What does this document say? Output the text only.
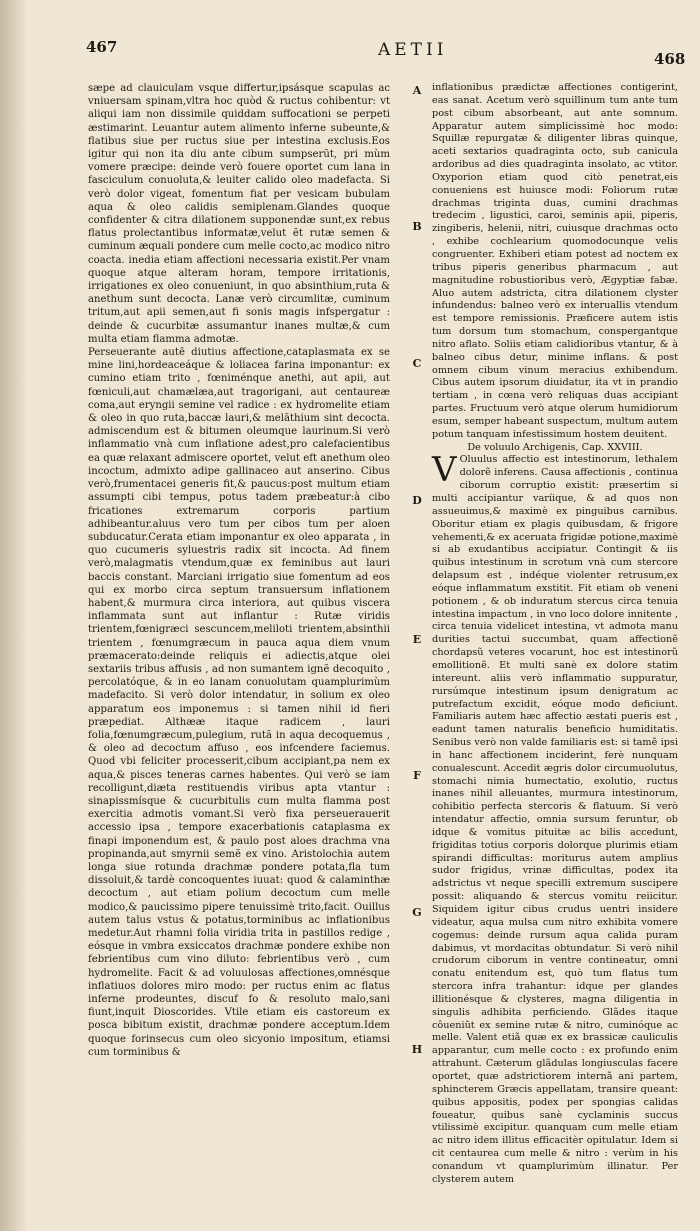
467	AETII	468

sæpe ad clauiculam vsque differtur,ipsásque scapulas ac vniuersam spinam,vltra hoc quòd & ructus cohibentur: vt aliqui iam non dissimile quiddam suffocationi se perpeti æstimarint. Leuantur autem alimento inferne subeunte,& flatibus siue per ructus siue per intestina exclusis.Eos igitur qui non ita diu ante cibum sumpserũt, pri mùm vomere præcipe: deinde verò fouere oportet cum lana in fasciculum conuoluta,& leuiter calido oleo madefacta. Si verò dolor vigeat, fomentum fiat per vesicam bubulam aqua & oleo calidis semiplenam.Glandes quoque confidenter & citra dilationem supponendæ sunt,ex rebus flatus prolectantibus informatæ,velut ẽt rutæ semen & cuminum æquali pondere cum melle cocto,ac modico nitro coacta. inedia etiam affectioni necessaria existit.Per vnam quoque atque alteram horam, tempore irritationis, irrigationes ex oleo conueniunt, in quo absinthium,ruta & anethum sunt decocta. Lanæ verò circumlitæ, cuminum tritum,aut apii semen,aut fi sonis magis infspergatur : deinde & cucurbitæ assumantur inanes multæ,& cum multa etiam flamma admotæ.

Perseuerante autē diutius affectione,cataplasmata ex se mine lini,hordeaceáque & loliacea farina imponantur: ex cumino etiam trito , fœniménque anethi, aut apii, aut fœniculi,aut chamælæa,aut tragorigani, aut centaureæ coma,aut eryngii semine vel radice : ex hydromelite etiam & oleo in quo ruta,baccæ lauri,& melãthium sint decocta. admiscendum est & bitumen oleumque laurinum.Si verò inflammatio vnà cum inflatione adest,pro calefacientibus ea quæ relaxant admiscere oportet, velut eft anethum oleo incoctum, admixto adipe gallinaceo aut anserino. Cibus verò,frumentacei generis fit,& paucus:post multum etiam assumpti cibi tempus, potus tadem præbeatur:à cibo fricationes extremarum corporis partium adhibeantur.aluus vero tum per cibos tum per aloen subducatur.Cerata etiam imponantur ex oleo apparata , in quo cucumeris syluestris radix sit incocta. Ad finem verò,malagmatis vtendum,quæ ex feminibus aut lauri baccis constant. Marciani irrigatio siue fomentum ad eos qui ex morbo circa septum transuersum inflationem habent,& murmura circa interiora, aut quibus viscera inflammata sunt aut inflantur : Rutæ viridis trientem,fœnigræci sescuncem,meliloti trientem,absinthii trientem , fœnumgræcum in pauca aqua diem vnum præmacerato:deinde reliquis ei adiectis,atque olei sextariis tribus affusis , ad non sumantem ignẽ decoquito , percolatóque, & in eo lanam conuolutam quamplurimùm madefacito. Si verò dolor intendatur, in solium ex oleo apparatum eos imponemus : si tamen nihil id fieri præpediat. Althææ itaque radicem , lauri folia,fœnumgræcum,pulegium, rutã in aqua decoquemus , & oleo ad decoctum affuso , eos infcendere faciemus. Quod vbi feliciter processerit,cibum accipiant,pa nem ex aqua,& pisces teneras carnes habentes. Qui verò se iam recolligunt,diæta restituendis viribus apta vtantur : sinapissmísque & cucurbitulis cum multa flamma post exercitia admotis vomant.Si verò fixa perseuerauerit accessio ipsa , tempore exacerbationis cataplasma ex finapi imponendum est, & paulo post aloes drachma vna propinanda,aut smyrnii semẽ ex vino. Aristolochia autem longa siue rotunda drachmæ pondere potata,fla tum dissoluit,& tardè concoquentes iuuat: quod & calaminthæ decoctum , aut etiam polium decoctum cum melle modico,& paucissimo pipere tenuissimè trito,facit. Ouillus autem talus vstus & potatus,torminibus ac inflationibus medetur.Aut rhamni folia viridia trita in pastillos redige , eósque in vmbra exsiccatos drachmæ pondere exhibe non febrientibus cum vino diluto: febrientibus verò , cum hydromelite. Facit & ad voluulosas affectiones,omnésque inflatiuos dolores miro modo: per ructus enim ac flatus inferne prodeuntes, discuf fo & resoluto malo,sani fiunt,inquit Dioscorides. Vtile etiam eis castoreum ex posca bibitum existit, drachmæ pondere acceptum.Idem quoque forinsecus cum oleo sicyonio impositum, etiamsi cum torminibus &

A
B
C
D
E
F
G
H

inflationibus prædictæ affectiones contigerint, eas sanat. Acetum verò squillinum tum ante tum post cibum absorbeant, aut ante somnum. Apparatur autem simplicissimè hoc modo: Squillæ repurgatæ & diligenter libras quinque, aceti sextarios quadraginta octo, sub canicula ardoribus ad dies quadraginta insolato, ac vtitor. Oxyporion etiam quod citò penetrat,eis conueniens est huiusce modi: Foliorum rutæ drachmas triginta duas, cumini drachmas tredecim , ligustici, caroi, seminis apii, piperis, zingiberis, helenii, nitri, cuiusque drachmas octo , exhibe cochlearium quomodocunque velis congruenter. Exhiberi etiam potest ad noctem ex tribus piperis generibus pharmacum , aut magnitudine robustioribus verò, Ægyptiæ fabæ. Aluo autem adstricta, citra dilationem clyster infundendus: balneo verò ex interuallis vtendum est tempore remissionis. Præficere autem istis tum dorsum tum stomachum, conspergantque nitro aflato. Soliis etiam calidioribus vtantur, & à balneo cibus detur, minime inflans. & post omnem cibum vinum meracius exhibendum. Cibus autem ipsorum diuidatur, ita vt in prandio tertiam , in cœna verò reliquas duas accipiant partes. Fructuum verò atque olerum humidiorum esum, semper habeant suspectum, multum autem potum tanquam infestissimum hostem deuitent.

De voluulo Archigenis, Cap. XXVIII.

V Oluulus affectio est intestinorum, lethalem dolorẽ inferens. Causa affectionis , continua ciborum corruptio existit: præsertim si multi accipiantur varíique, & ad quos non assueuimus,& maximè ex pinguibus carnibus. Oboritur etiam ex plagis quibusdam, & frigore vehementi,& ex aceruata frigidæ potione,maximè si ab exudantibus accipiatur. Contingit & iis quibus intestinum in scrotum vnà cum stercore delapsum est , indéque violenter retrusum,ex eóque inflammatum exstitit. Fit etiam ob veneni potionem , & ob induratum stercus circa tenuia intestina impactum , in vno loco dolore innitente , circa tenuia videlicet intestina, vt admota manu durities tactui succumbat, quam affectionẽ chordapsũ veteres vocarunt, hoc est intestinorũ emollitionẽ. Et multi sanè ex dolore statim intereunt. aliis verò inflammatio suppuratur, rursúmque intestinum ipsum denigratum ac putrefactum excidit, eóque modo deficiunt. Familiaris autem hæc affectio æstati pueris est , eadunt tamen naturalis beneficio humiditatis. Senibus verò non valde familiaris est: si tamẽ ipsi in hanc affectionem inciderint, ferè nunquam conualescunt. Accedit ægris dolor circumuolutus, stomachi nimia humectatio, exolutio, ructus inanes nihil alleuantes, murmura intestinorum, cohibitio perfecta stercoris & flatuum. Si verò intendatur affectio, omnia sursum feruntur, ob idque & vomitus pituitæ ac bilis accedunt, frigiditas totius corporis dolorque plurimis etiam spirandi difficultas: moriturus autem amplius sudor frigidus, vrinæ difficultas, podex ita adstrictus vt neque specilli extremum suscipere possit: aliquando & stercus vomitu reiicitur. Siquidem igitur cibus crudus uentri insidere videatur, aqua mulsa cum nitro exhibita vomere cogemus: deinde rursum aqua calida puram dabimus, vt mordacitas obtundatur. Si verò nihil crudorum ciborum in ventre contineatur, omni conatu enitendum est, quò tum flatus tum stercora infra trahantur: idque per glandes illitionésque & clysteres, magna diligentia in singulis adhibita perficiendo. Glãdes itaque côueniũt ex semine rutæ & nitro, cuminóque ac melle. Valent etiã quæ ex ex brassicæ cauliculis apparantur, cum melle cocto : ex profundo enim attrahunt. Cæterum glãdulas longiusculas facere oportet, quæ adstrictiorem internã ani partem, sphincterem Græcis appellatam, transire queant: quibus appositis, podex per spongias calidas foueatur, quibus sanè cyclaminis succus vtilissimè excipitur. quanquam cum melle etiam ac nitro idem illitus efficacitèr opitulatur. Idem si cit centaurea cum melle & nitro : verùm in his conandum vt quamplurimùm illinatur. Per clysterem autem
